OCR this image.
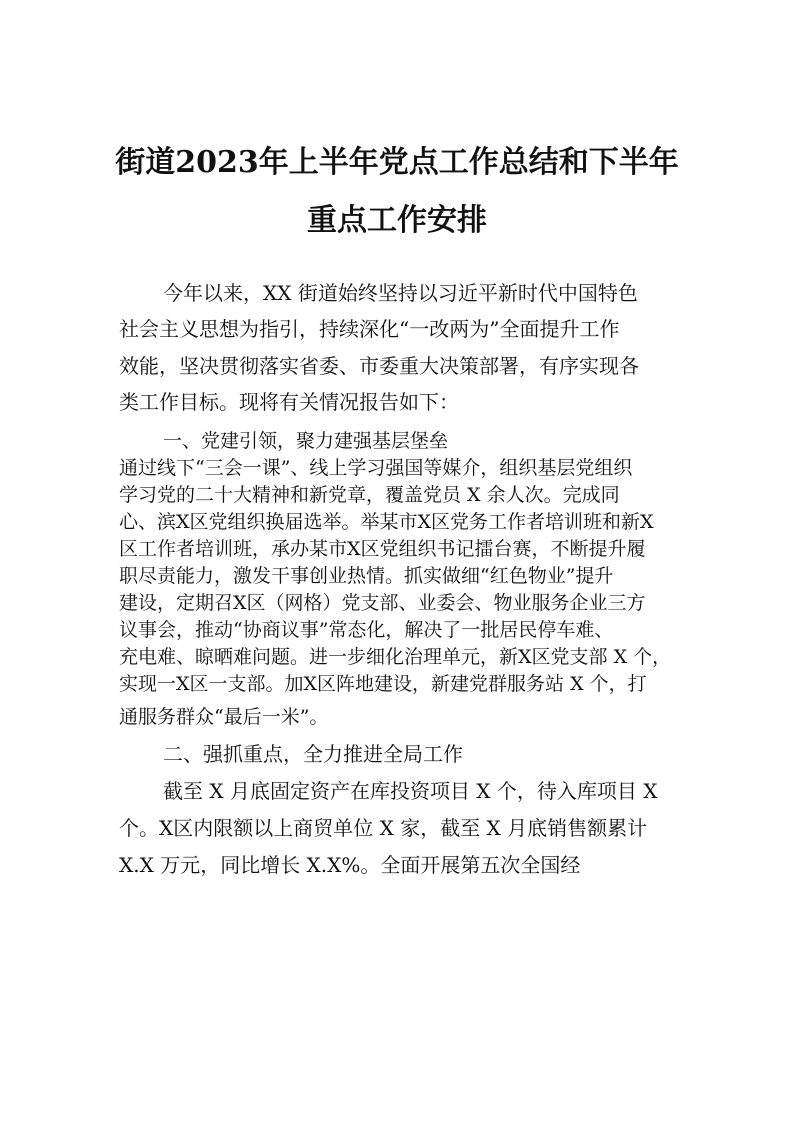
街道2023年上半年党点工作总结和下半年
重点工作安排

今年以来，XX 街道始终坚持以习近平新时代中国特色

社会主义思想为指引，持续深化“一改两为”全面提升工作

效能，坚决贯彻落实省委、市委重大决策部署，有序实现各

类工作目标。现将有关情况报告如下：

一、党建引领，聚力建强基层堡垒

通过线下“三会一课”、线上学习强国等媒介，组织基层党组织

学习党的二十大精神和新党章，覆盖党员 X 余人次。完成同

心、滨X区党组织换届选举。举某市X区党务工作者培训班和新X

区工作者培训班，承办某市X区党组织书记擂台赛，不断提升履

职尽责能力，激发干事创业热情。抓实做细“红色物业”提升

建设，定期召X区（网格）党支部、业委会、物业服务企业三方

议事会，推动“协商议事”常态化，解决了一批居民停车难、

充电难、晾晒难问题。进一步细化治理单元，新X区党支部 X 个，

实现一X区一支部。加X区阵地建设，新建党群服务站 X 个，打

通服务群众“最后一米”。

二、强抓重点，全力推进全局工作

截至 X 月底固定资产在库投资项目 X 个，待入库项目 X

个。X区内限额以上商贸单位 X 家，截至 X 月底销售额累计

X.X 万元，同比增长 X.X%。全面开展第五次全国经
